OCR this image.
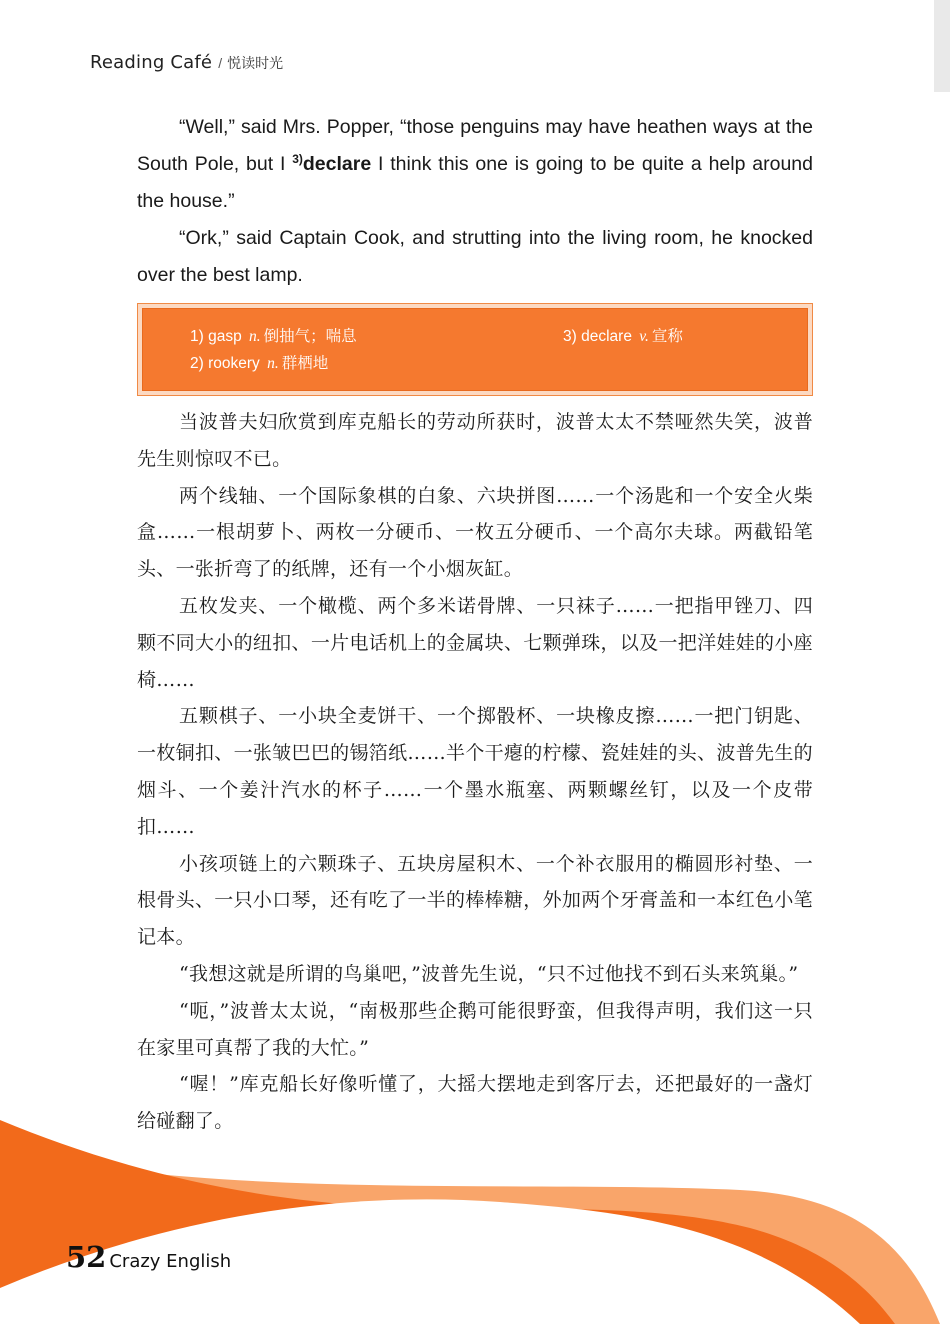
Reading Café / 悦读时光

“Well,” said Mrs. Popper, “those penguins may have heathen ways at the South Pole, but I $^{3)}$declare I think this one is going to be quite a help around the house.”

“Ork,” said Captain Cook, and strutting into the living room, he knocked over the best lamp.

1) gasp n. 倒抽气；喘息
2) rookery n. 群栖地
3) declare v. 宣称

当波普夫妇欣赏到库克船长的劳动所获时，波普太太不禁哑然失笑，波普先生则惊叹不已。

两个线轴、一个国际象棋的白象、六块拼图……一个汤匙和一个安全火柴盒……一根胡萝卜、两枚一分硬币、一枚五分硬币、一个高尔夫球。两截铅笔头、一张折弯了的纸牌，还有一个小烟灰缸。

五枚发夹、一个橄榄、两个多米诺骨牌、一只袜子……一把指甲锉刀、四颗不同大小的纽扣、一片电话机上的金属块、七颗弹珠，以及一把洋娃娃的小座椅……

五颗棋子、一小块全麦饼干、一个掷骰杯、一块橡皮擦……一把门钥匙、一枚铜扣、一张皱巴巴的锡箔纸……半个干瘪的柠檬、瓷娃娃的头、波普先生的烟斗、一个姜汁汽水的杯子……一个墨水瓶塞、两颗螺丝钉，以及一个皮带扣……

小孩项链上的六颗珠子、五块房屋积木、一个补衣服用的椭圆形衬垫、一根骨头、一只小口琴，还有吃了一半的棒棒糖，外加两个牙膏盖和一本红色小笔记本。

“我想这就是所谓的鸟巢吧，”波普先生说，“只不过他找不到石头来筑巢。”

“呃，”波普太太说，“南极那些企鹅可能很野蛮，但我得声明，我们这一只在家里可真帮了我的大忙。”

“喔！”库克船长好像听懂了，大摇大摆地走到客厅去，还把最好的一盏灯给碰翻了。

52 Crazy English
